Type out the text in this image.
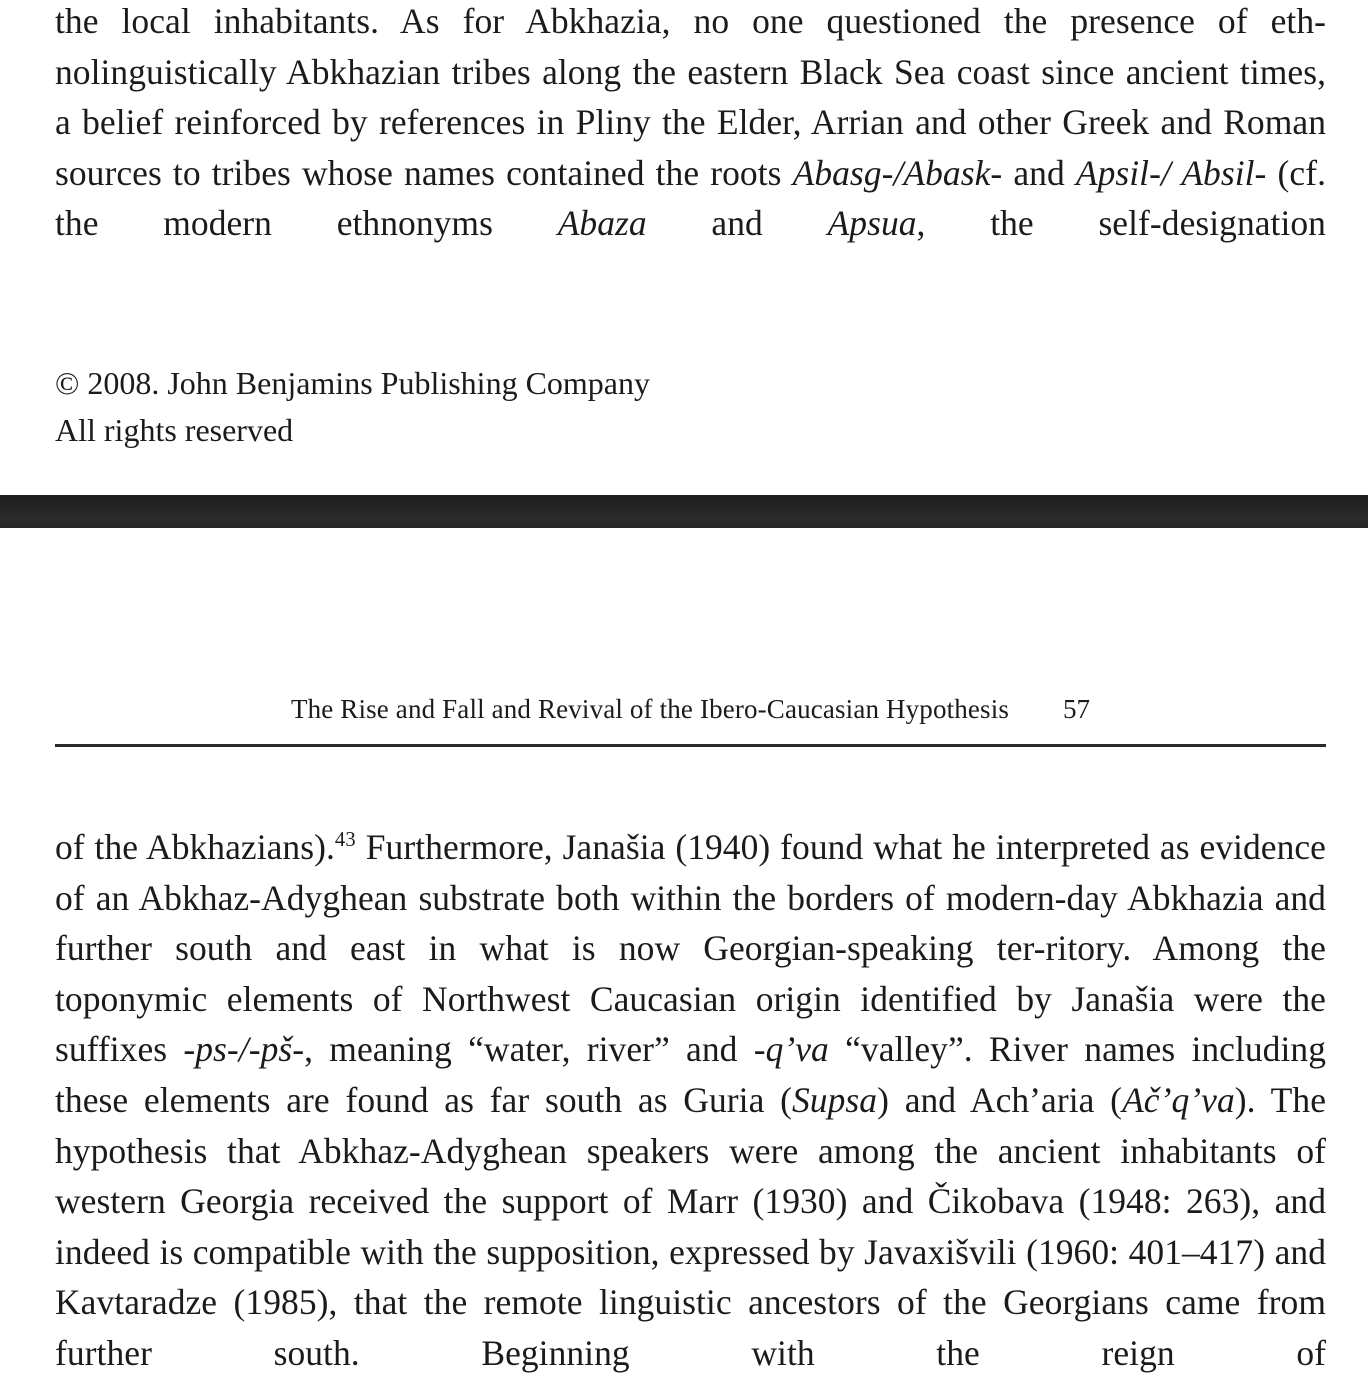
the local inhabitants. As for Abkhazia, no one questioned the presence of eth-nolinguistically Abkhazian tribes along the eastern Black Sea coast since ancient times, a belief reinforced by references in Pliny the Elder, Arrian and other Greek and Roman sources to tribes whose names contained the roots Abasg-/Abask- and Apsil-/ Absil- (cf. the modern ethnonyms Abaza and Apsua, the self-designation

© 2008. John Benjamins Publishing Company

All rights reserved

The Rise and Fall and Revival of the Ibero-Caucasian Hypothesis 57

of the Abkhazians).$^{43}$ Furthermore, Janašia (1940) found what he interpreted as evidence of an Abkhaz-Adyghean substrate both within the borders of modern-day Abkhazia and further south and east in what is now Georgian-speaking ter-ritory. Among the toponymic elements of Northwest Caucasian origin identified by Janašia were the suffixes -ps-/-pš-, meaning “water, river” and -q’va “valley”. River names including these elements are found as far south as Guria (Supsa) and Ach’aria (Ač’q’va). The hypothesis that Abkhaz-Adyghean speakers were among the ancient inhabitants of western Georgia received the support of Marr (1930) and Čikobava (1948: 263), and indeed is compatible with the supposition, expressed by Javaxišvili (1960: 401–417) and Kavtaradze (1985), that the remote linguistic ancestors of the Georgians came from further south. Beginning with the reign of
